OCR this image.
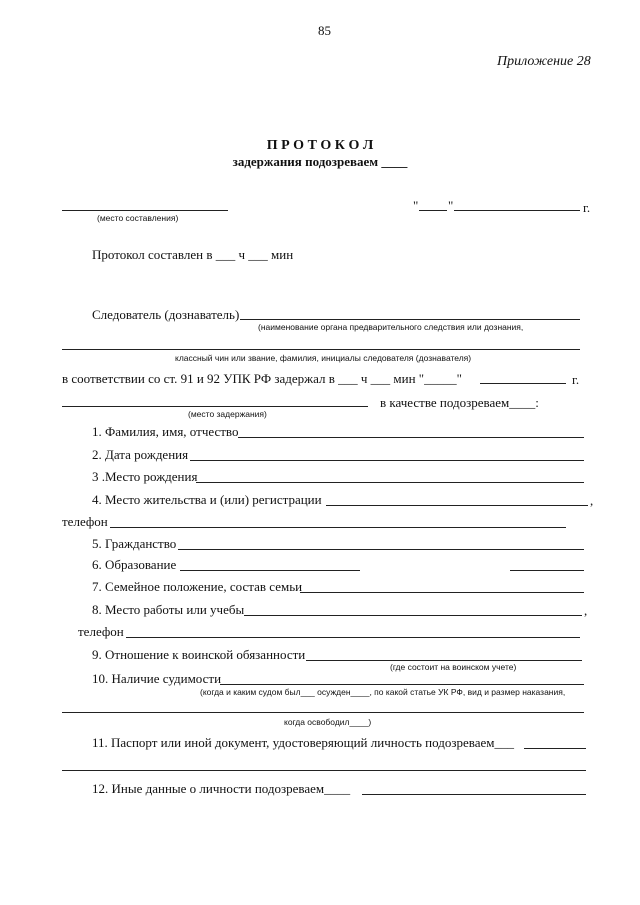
85
Приложение 28
П Р О Т О К О Л
задержания подозреваем ____
(место составления)
" "	г.
Протокол составлен в ___ ч ___ мин
Следователь (дознаватель)
(наименование органа предварительного следствия или дознания,
классный чин или звание, фамилия, инициалы следователя (дознавателя)
в соответствии со ст. 91 и 92 УПК РФ задержал в ___ ч ___ мин "_____"	г.
в качестве подозреваем____:
(место задержания)
1. Фамилия, имя, отчество
2. Дата рождения
3 .Место рождения
4. Место жительства и (или) регистрации	,
телефон
5. Гражданство
6. Образование
7. Семейное положение, состав семьи
8. Место работы или учебы	,
телефон
9. Отношение к воинской обязанности
(где состоит на воинском учете)
10. Наличие судимости
(когда и каким судом был___ осужден____, по какой статье УК РФ, вид и размер наказания,
когда освободил____)
11. Паспорт или иной документ, удостоверяющий личность подозреваем___
12. Иные данные о личности подозреваем____
